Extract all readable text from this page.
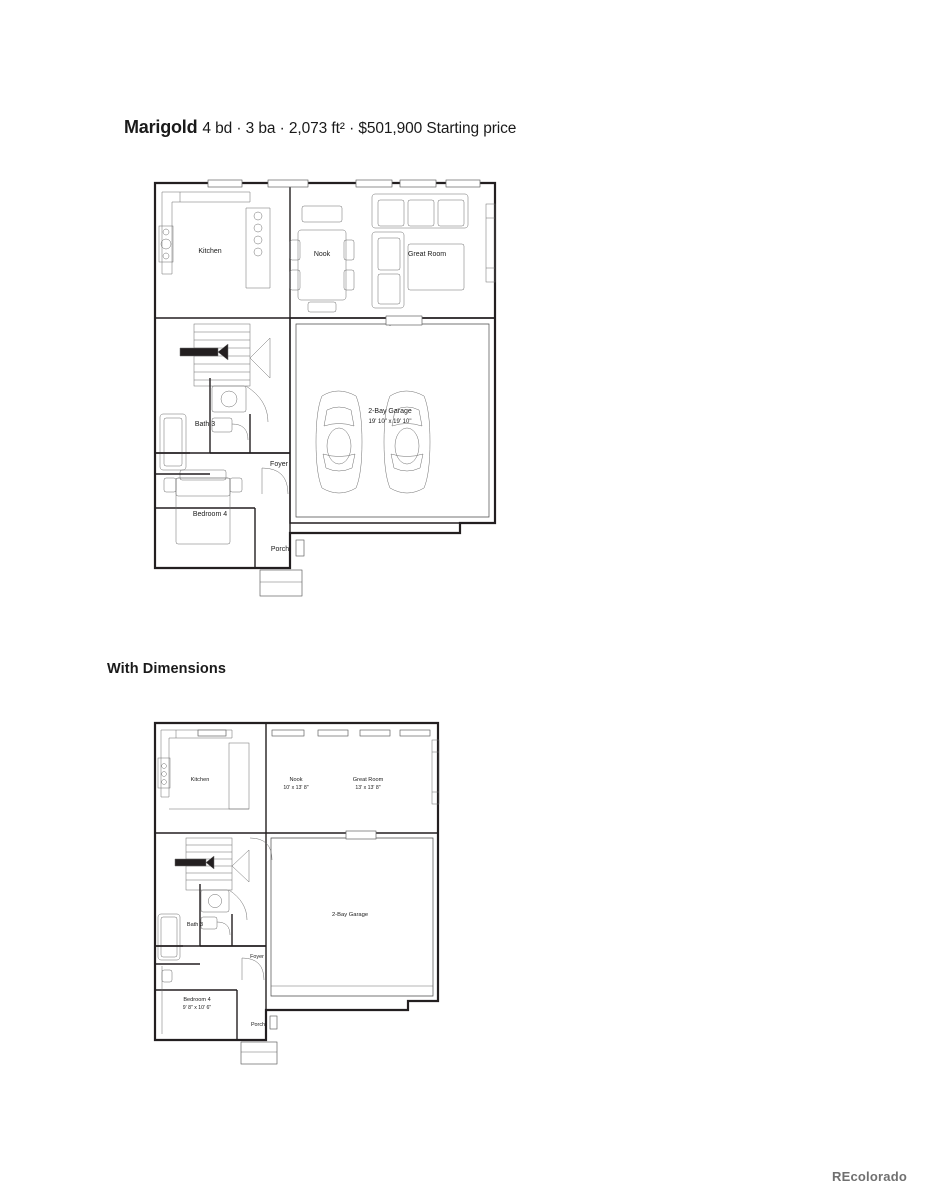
Marigold 4 bd · 3 ba · 2,073 ft² · $501,900 Starting price
Kitchen	Nook	Great Room
2-Bay Garage
19' 10" x 19' 10"
Bath 3
Foyer
Bedroom 4
Porch
With Dimensions
Kitchen	Nook
10' x 13' 8"
Great Room
13' x 13' 8"
2-Bay Garage
Bath 3
Foyer
Bedroom 4
9' 8" x 10' 6"
Porch
REcolorado
